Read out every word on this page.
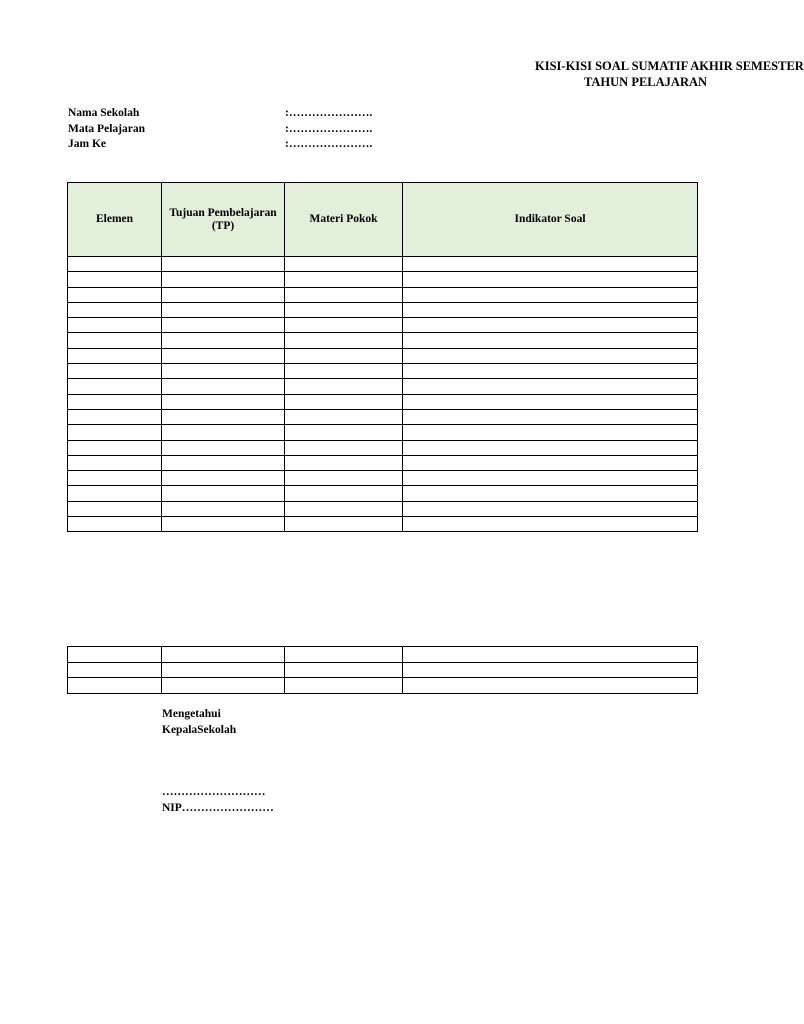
KISI-KISI SOAL SUMATIF AKHIR SEMESTER
TAHUN PELAJARAN
Nama Sekolah	:………………….
Mata Pelajaran	:………………….
Jam Ke	:………………….
Elemen	Tujuan Pembelajaran (TP)	Materi Pokok	Indikator Soal

Mengetahui
KepalaSekolah
………………………
NIP……………………
